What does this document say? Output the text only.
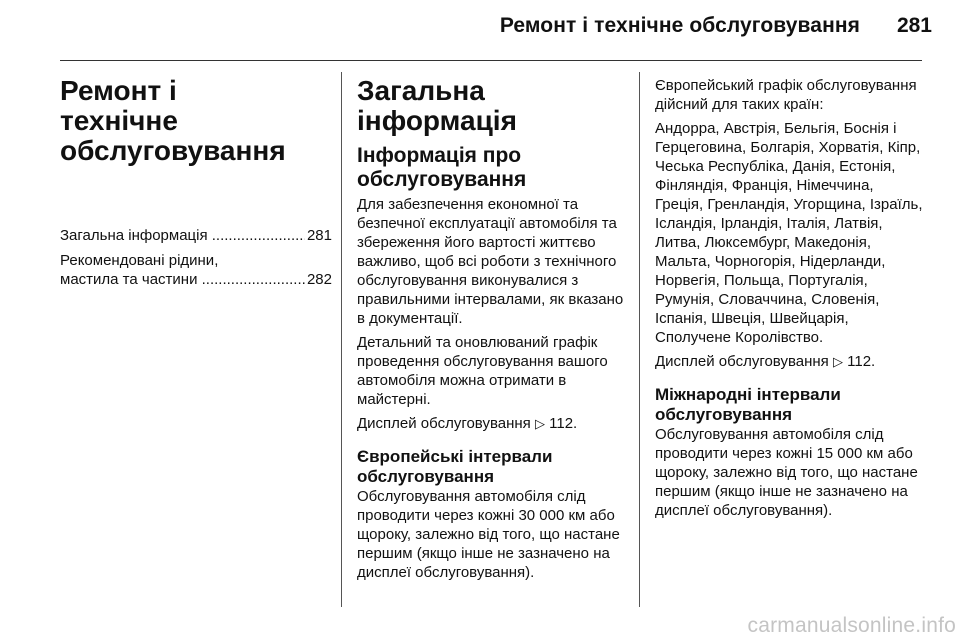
Ремонт і технічне обслуговування	281
Ремонт і технічне обслуговування
Загальна інформація .....	281
Рекомендовані рідини,
мастила та частини .....	282
Загальна інформація
Інформація про обслуговування

Для забезпечення економної та безпечної експлуатації автомобіля та збереження його вартості життєво важливо, щоб всі роботи з технічного обслуговування виконувалися з правильними інтервалами, як вказано в документації.

Детальний та оновлюваний графік проведення обслуговування вашого автомобіля можна отримати в майстерні.

Дисплей обслуговування ▷ 112.

Європейські інтервали обслуговування

Обслуговування автомобіля слід проводити через кожні 30 000 км або щороку, залежно від того, що настане першим (якщо інше не зазначено на дисплеї обслуговування).

Європейський графік обслуговування дійсний для таких країн:

Андорра, Австрія, Бельгія, Боснія і Герцеговина, Болгарія, Хорватія, Кіпр, Чеська Республіка, Данія, Естонія, Фінляндія, Франція, Німеччина, Греція, Гренландія, Угорщина, Ізраїль, Ісландія, Ірландія, Італія, Латвія, Литва, Люксембург, Македонія, Мальта, Чорногорія, Нідерланди, Норвегія, Польща, Португалія, Румунія, Словаччина, Словенія, Іспанія, Швеція, Швейцарія, Сполучене Королівство.

Дисплей обслуговування ▷ 112.

Міжнародні інтервали обслуговування

Обслуговування автомобіля слід проводити через кожні 15 000 км або щороку, залежно від того, що настане першим (якщо інше не зазначено на дисплеї обслуговування).

carmanualsonline.info
